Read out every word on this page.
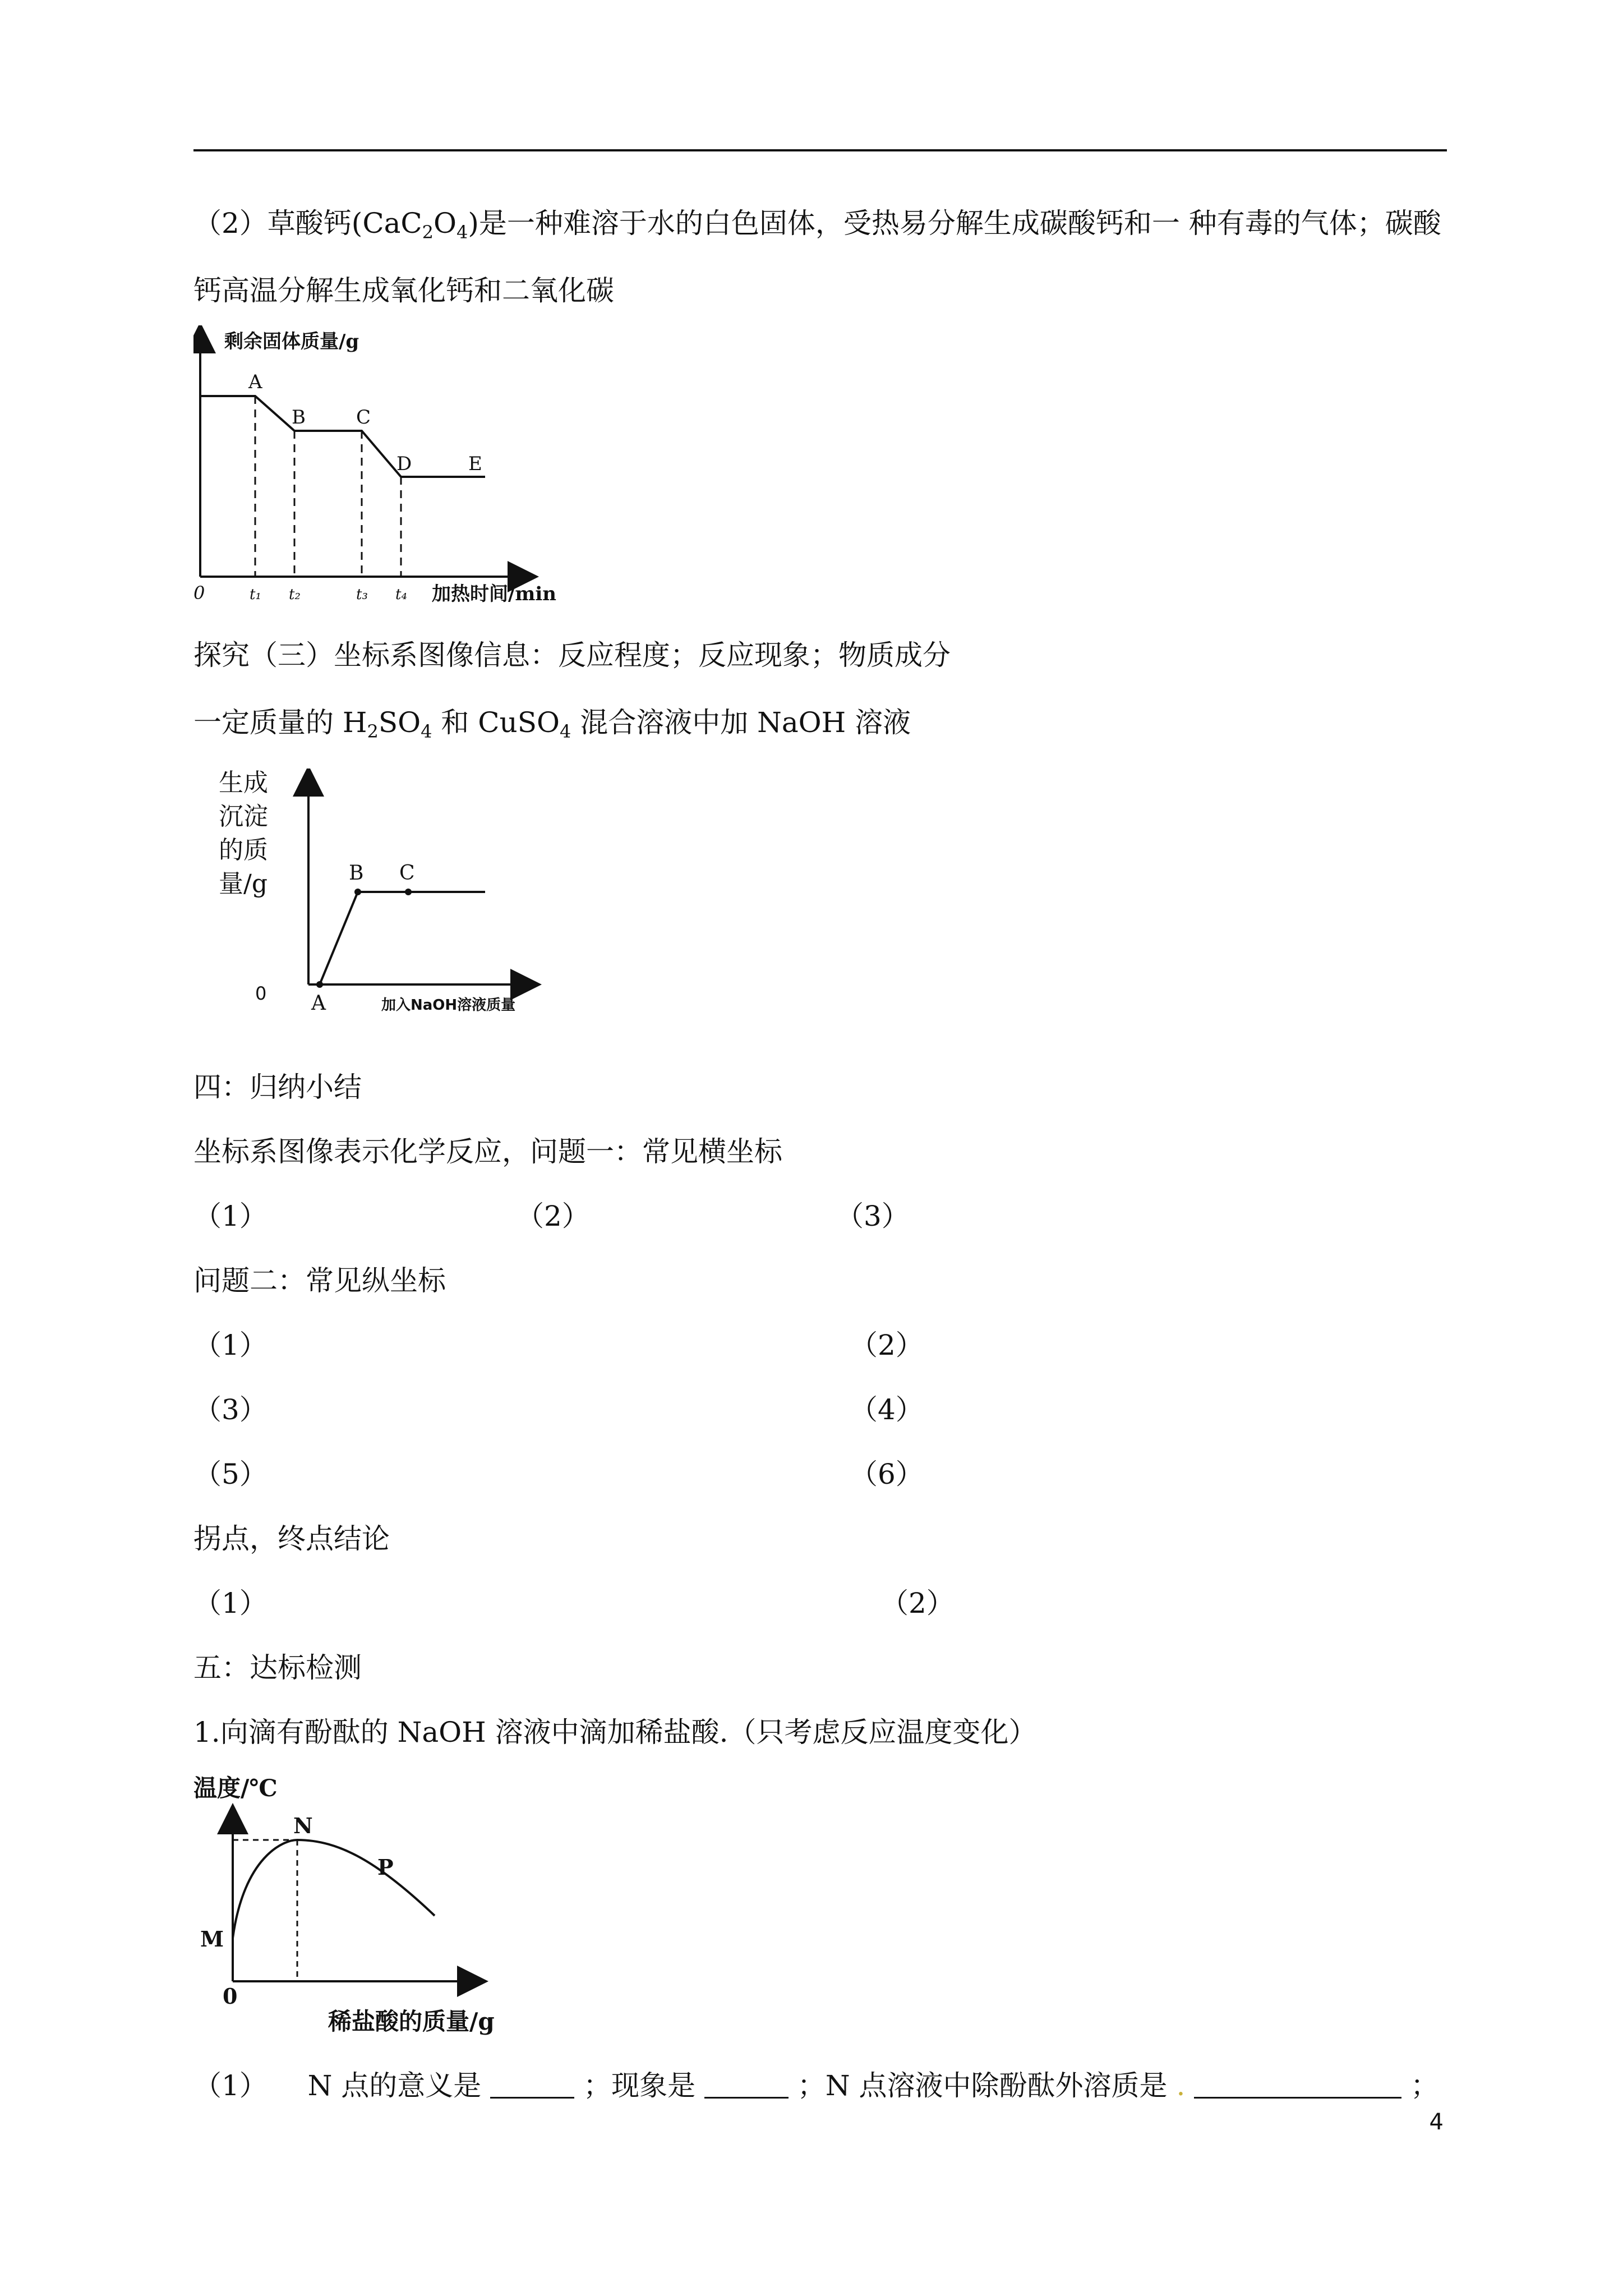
（2）草酸钙$(CaC_2O_4)$是一种难溶于水的白色固体，受热易分解生成碳酸钙和一 种有毒的气体；碳酸
钙高温分解生成氧化钙和二氧化碳
剩余固体质量/g
加热时间/min
0
A
B	C
D	E
t₁ t₂	t₃ t₄
探究（三）坐标系图像信息：反应程度；反应现象；物质成分
一定质量的 $H_2SO_4$ 和 CuSO$_4$ 混合溶液中加 NaOH 溶液
生成
沉淀
的质
量/g
0 A
B C
加入NaOH溶液质量
四：归纳小结
坐标系图像表示化学反应，问题一：常见横坐标
（1）	（2）	（3）
问题二：常见纵坐标
（1）	（2）
（3）	（4）
（5）	（6）
拐点，终点结论
（1）	（2）
五：达标检测
1.向滴有酚酞的 NaOH 溶液中滴加稀盐酸.（只考虑反应温度变化）
温度/℃
0
M
N
P
稀盐酸的质量/g
（1） N 点的意义是	；现象是	；N 点溶液中除酚酞外溶质是 .	；
4
